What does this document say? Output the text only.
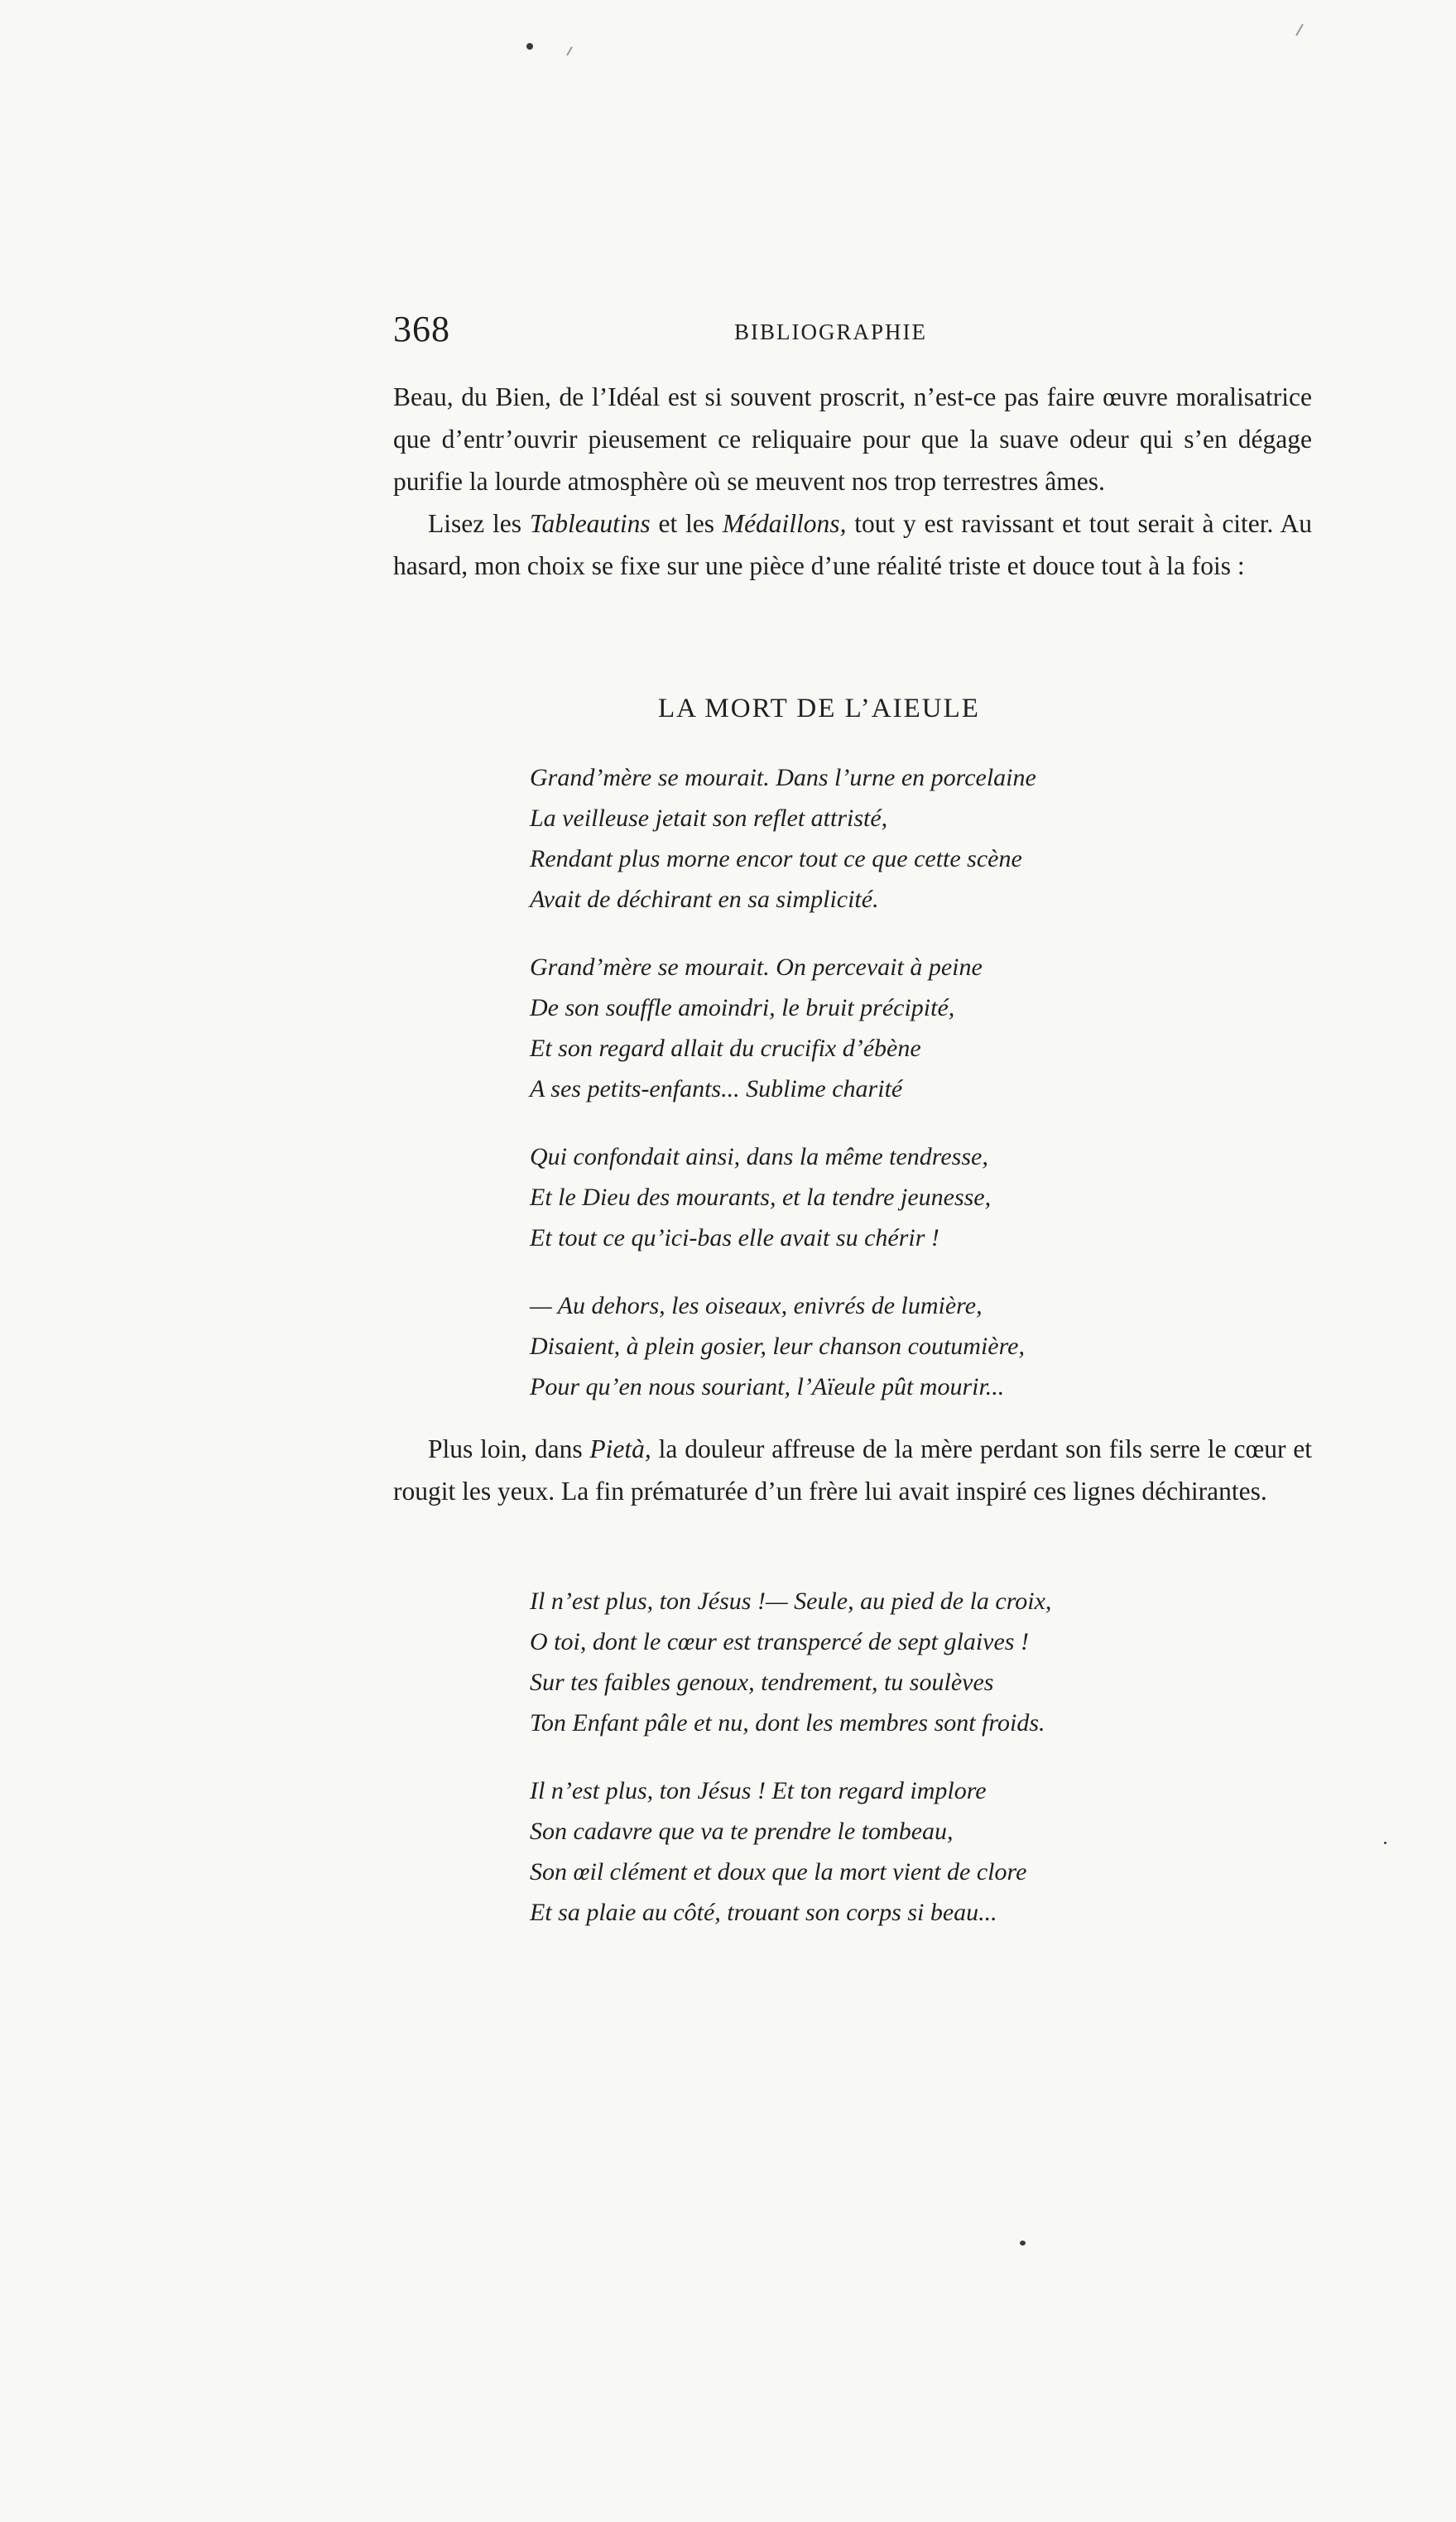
368	BIBLIOGRAPHIE

Beau, du Bien, de l’Idéal est si souvent proscrit, n’est-ce pas faire œuvre moralisatrice que d’entr’ouvrir pieusement ce reliquaire pour que la suave odeur qui s’en dégage purifie la lourde atmosphère où se meuvent nos trop terrestres âmes.

Lisez les Tableautins et les Médaillons, tout y est ravissant et tout serait à citer. Au hasard, mon choix se fixe sur une pièce d’une réalité triste et douce tout à la fois :

LA MORT DE L’AIEULE
Grand’mère se mourait. Dans l’urne en porcelaine
La veilleuse jetait son reflet attristé,
Rendant plus morne encor tout ce que cette scène
Avait de déchirant en sa simplicité.
Grand’mère se mourait. On percevait à peine
De son souffle amoindri, le bruit précipité,
Et son regard allait du crucifix d’ébène
A ses petits-enfants... Sublime charité
Qui confondait ainsi, dans la même tendresse,
Et le Dieu des mourants, et la tendre jeunesse,
Et tout ce qu’ici-bas elle avait su chérir !
— Au dehors, les oiseaux, enivrés de lumière,
Disaient, à plein gosier, leur chanson coutumière,
Pour qu’en nous souriant, l’Aïeule pût mourir...

Plus loin, dans Pietà, la douleur affreuse de la mère perdant son fils serre le cœur et rougit les yeux. La fin prématurée d’un frère lui avait inspiré ces lignes déchirantes.

Il n’est plus, ton Jésus !— Seule, au pied de la croix,
O toi, dont le cœur est transpercé de sept glaives !
Sur tes faibles genoux, tendrement, tu soulèves
Ton Enfant pâle et nu, dont les membres sont froids.
Il n’est plus, ton Jésus ! Et ton regard implore
Son cadavre que va te prendre le tombeau,
Son œil clément et doux que la mort vient de clore
Et sa plaie au côté, trouant son corps si beau...
